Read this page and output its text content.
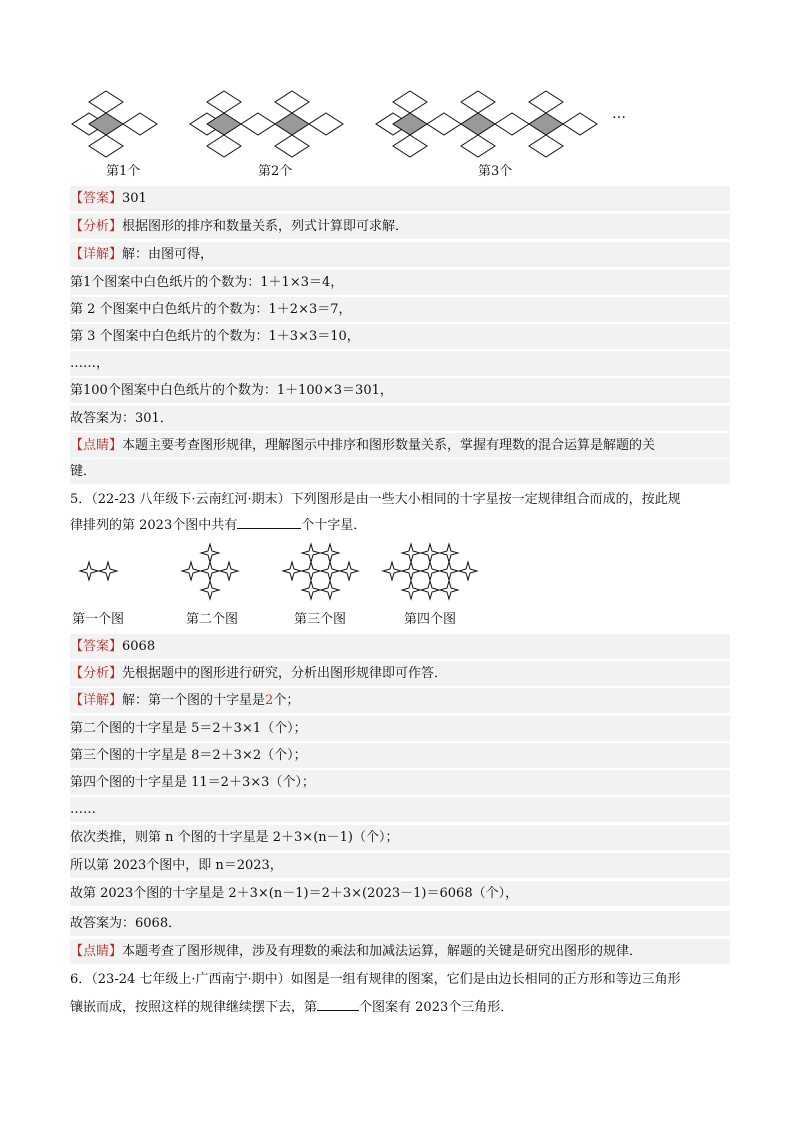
…
第1个	第2个	第3个
【答案】301
【分析】根据图形的排序和数量关系，列式计算即可求解．
【详解】解：由图可得，
第1个图案中白色纸片的个数为：1＋1×3＝4，
第 2 个图案中白色纸片的个数为：1＋2×3＝7，
第 3 个图案中白色纸片的个数为：1＋3×3＝10，
……，
第100个图案中白色纸片的个数为：1＋100×3＝301，
故答案为：301．
【点睛】本题主要考查图形规律，理解图示中排序和图形数量关系，掌握有理数的混合运算是解题的关
键．
5．（22-23 八年级下·云南红河·期末）下列图形是由一些大小相同的十字星按一定规律组合而成的，按此规
律排列的第 2023个图中共有	个十字星．
第一个图	第二个图	第三个图	第四个图
【答案】6068
【分析】先根据题中的图形进行研究，分析出图形规律即可作答．
【详解】解：第一个图的十字星是2个；
第二个图的十字星是 5＝2＋3×1（个）；
第三个图的十字星是 8＝2＋3×2（个）；
第四个图的十字星是 11＝2＋3×3（个）；
……
依次类推，则第 n 个图的十字星是 2＋3×(n－1)（个）；
所以第 2023个图中，即 n＝2023，
故第 2023个图的十字星是 2＋3×(n－1)＝2＋3×(2023－1)＝6068（个），
故答案为：6068．
【点睛】本题考查了图形规律，涉及有理数的乘法和加减法运算，解题的关键是研究出图形的规律．
6．（23-24 七年级上·广西南宁·期中）如图是一组有规律的图案，它们是由边长相同的正方形和等边三角形
镶嵌而成，按照这样的规律继续摆下去，第	个图案有 2023个三角形．
